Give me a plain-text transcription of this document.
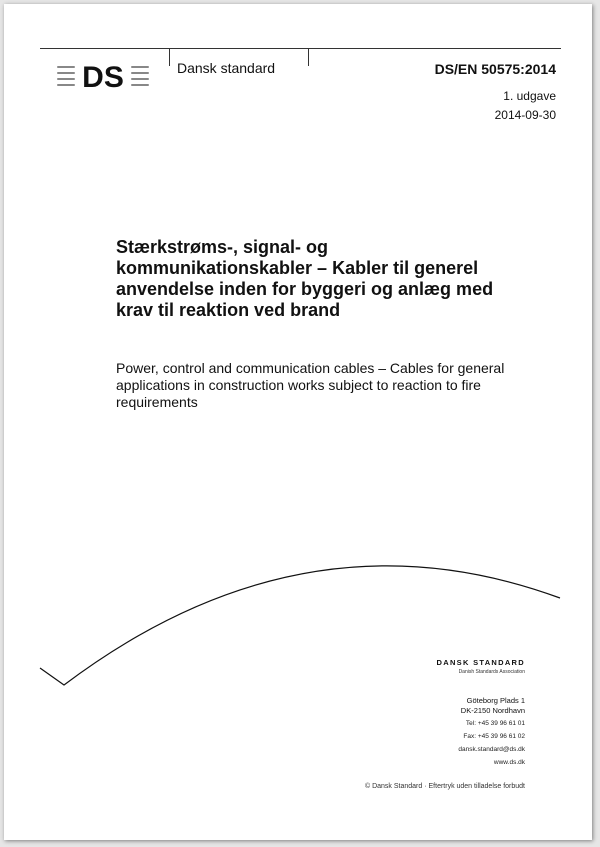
DS	Dansk standard	DS/EN 50575:2014
1. udgave
2014-09-30
Stærkstrøms-, signal- og kommunikationskabler – Kabler til generel anvendelse inden for byggeri og anlæg med krav til reaktion ved brand
Power, control and communication cables – Cables for general applications in construction works subject to reaction to fire requirements
DANSK STANDARD
Danish Standards Association
Göteborg Plads 1
DK-2150 Nordhavn
Tel: +45 39 96 61 01
Fax: +45 39 96 61 02
dansk.standard@ds.dk
www.ds.dk
© Dansk Standard · Eftertryk uden tilladelse forbudt
